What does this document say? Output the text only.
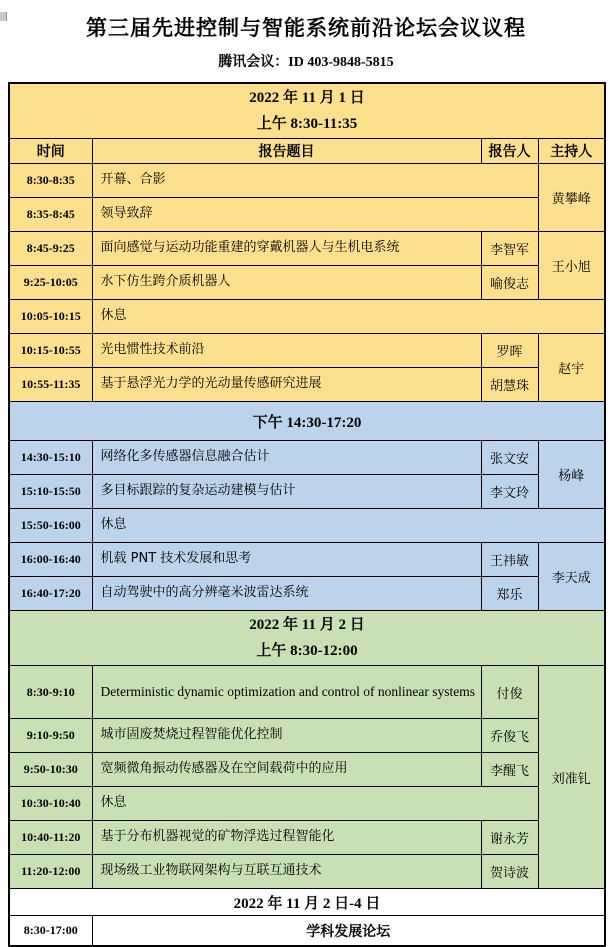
第三届先进控制与智能系统前沿论坛会议议程
腾讯会议：ID 403-9848-5815
2022 年 11 月 1 日
上午 8:30-11:35			

时间	报告题目	报告人	主持人
8:30-8:35	开幕、合影		黄攀峰
8:35-8:45	领导致辞		
8:45-9:25	面向感觉与运动功能重建的穿戴机器人与生机电系统	李智军	王小旭
9:25-10:05	水下仿生跨介质机器人	喻俊志	
10:05-10:15	休息		
10:15-10:55	光电惯性技术前沿	罗晖	赵宇
10:55-11:35	基于悬浮光力学的光动量传感研究进展	胡慧珠	
下午 14:30-17:20			
14:30-15:10	网络化多传感器信息融合估计	张文安	杨峰
15:10-15:50	多目标跟踪的复杂运动建模与估计	李文玲	
15:50-16:00	休息		
16:00-16:40	机载 PNT 技术发展和思考	王祎敏	李天成
16:40-17:20	自动驾驶中的高分辨毫米波雷达系统	郑乐	

2022 年 11 月 2 日
上午 8:30-12:00			

8:30-9:10	Deterministic dynamic optimization and control of nonlinear systems	付俊	刘准钆
9:10-9:50	城市固废焚烧过程智能优化控制	乔俊飞	
9:50-10:30	宽频微角振动传感器及在空间载荷中的应用	李醒飞	
10:30-10:40	休息		
10:40-11:20	基于分布机器视觉的矿物浮选过程智能化	谢永芳	
11:20-12:00	现场级工业物联网架构与互联互通技术	贺诗波	
2022 年 11 月 2 日-4 日			
8:30-17:00	学科发展论坛		
